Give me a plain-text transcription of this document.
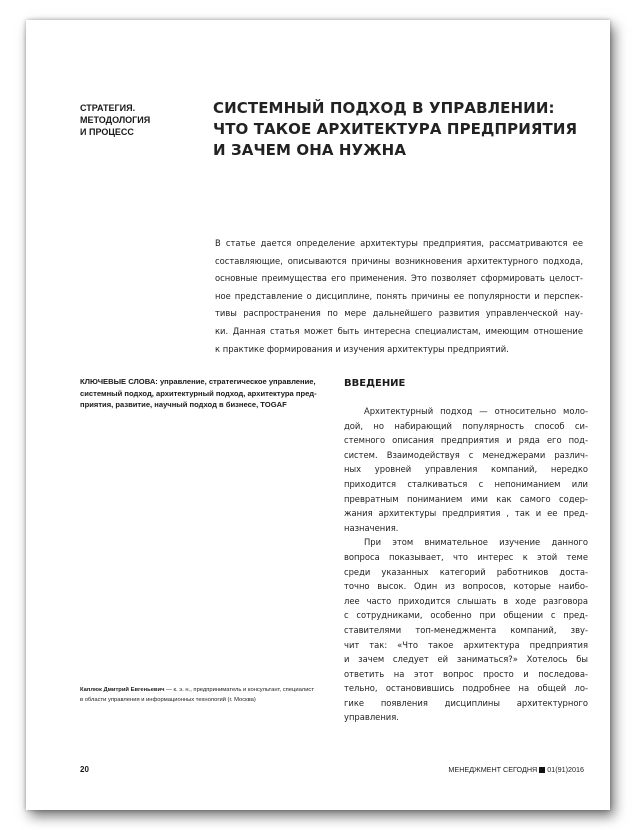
СТРАТЕГИЯ.
МЕТОДОЛОГИЯ
И ПРОЦЕСС
СИСТЕМНЫЙ ПОДХОД В УПРАВЛЕНИИ:
ЧТО ТАКОЕ АРХИТЕКТУРА ПРЕДПРИЯТИЯ
И ЗАЧЕМ ОНА НУЖНА
В статье дается определение архитектуры предприятия, рассматриваются ее
составляющие, описываются причины возникновения архитектурного подхода,
основные преимущества его применения. Это позволяет сформировать целост-
ное представление о дисциплине, понять причины ее популярности и перспек-
тивы распространения по мере дальнейшего развития управленческой нау-
ки. Данная статья может быть интересна специалистам, имеющим отношение
к практике формирования и изучения архитектуры предприятий.
КЛЮЧЕВЫЕ СЛОВА: управление, стратегическое управление,
системный подход, архитектурный подход, архитектура пред-
приятия, развитие, научный подход в бизнесе, TOGAF
ВВЕДЕНИЕ
Архитектурный подход — относительно моло-
дой, но набирающий популярность способ си-
стемного описания предприятия и ряда его под-
систем. Взаимодействуя с менеджерами различ-
ных уровней управления компаний, нередко
приходится сталкиваться с непониманием или
превратным пониманием ими как самого содер-
жания архитектуры предприятия , так и ее пред-
назначения.
При этом внимательное изучение данного
вопроса показывает, что интерес к этой теме
среди указанных категорий работников доста-
точно высок. Один из вопросов, которые наибо-
лее часто приходится слышать в ходе разговора
с сотрудниками, особенно при общении с пред-
ставителями топ-менеджмента компаний, зву-
чит так: «Что такое архитектура предприятия
и зачем следует ей заниматься?» Хотелось бы
ответить на этот вопрос просто и последова-
тельно, остановившись подробнее на общей ло-
гике появления дисциплины архитектурного
управления.
Каплюк Дмитрий Евгеньевич — к. э. н., предприниматель и консультант, специалист
в области управления и информационных технологий (г. Москва)
20	МЕНЕДЖМЕНТ СЕГОДНЯ 01(91)2016
